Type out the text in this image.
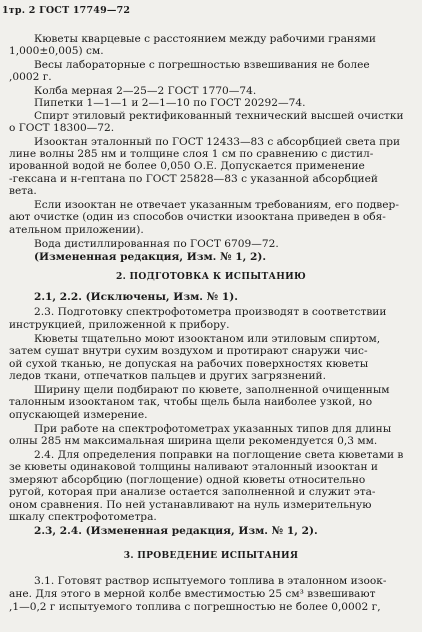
1тр. 2 ГОСТ 17749—72
Кюветы кварцевые с расстоянием между рабочими гранями
1,000±0,005) см.
Весы лабораторные с погрешностью взвешивания не более
,0002 г.
Колба мерная 2—25—2 ГОСТ 1770—74.
Пипетки 1—1—1 и 2—1—10 по ГОСТ 20292—74.
Спирт этиловый ректификованный технический высшей очистки
о ГОСТ 18300—72.
Изооктан эталонный по ГОСТ 12433—83 с абсорбцией света при
лине волны 285 нм и толщине слоя 1 см по сравнению с дистил-
ированной водой не более 0,050 О.Е. Допускается применение
-гексана и н-гептана по ГОСТ 25828—83 с указанной абсорбцией
вета.
Если изооктан не отвечает указанным требованиям, его подвер-
ают очистке (один из способов очистки изооктана приведен в обя-
ательном приложении).
Вода дистиллированная по ГОСТ 6709—72.
(Измененная редакция, Изм. № 1, 2).
2. ПОДГОТОВКА К ИСПЫТАНИЮ
2.1, 2.2. (Исключены, Изм. № 1).
2.3. Подготовку спектрофотометра производят в соответствии
инструкцией, приложенной к прибору.
Кюветы тщательно моют изооктаном или этиловым спиртом,
затем сушат внутри сухим воздухом и протирают снаружи чис-
ой сухой тканью, не допуская на рабочих поверхностях кюветы
ледов ткани, отпечатков пальцев и других загрязнений.
Ширину щели подбирают по кювете, заполненной очищенным
талонным изооктаном так, чтобы щель была наиболее узкой, но
опускающей измерение.
При работе на спектрофотометрах указанных типов для длины
олны 285 нм максимальная ширина щели рекомендуется 0,3 мм.
2.4. Для определения поправки на поглощение света кюветами в
зе кюветы одинаковой толщины наливают эталонный изооктан и
змеряют абсорбцию (поглощение) одной кюветы относительно
ругой, которая при анализе остается заполненной и служит эта-
оном сравнения. По ней устанавливают на нуль измерительную
шкалу спектрофотометра.
2.3, 2.4. (Измененная редакция, Изм. № 1, 2).
3. ПРОВЕДЕНИЕ ИСПЫТАНИЯ
3.1. Готовят раствор испытуемого топлива в эталонном изоок-
ане. Для этого в мерной колбе вместимостью 25 см³ взвешивают
,1—0,2 г испытуемого топлива с погрешностью не более 0,0002 г,
